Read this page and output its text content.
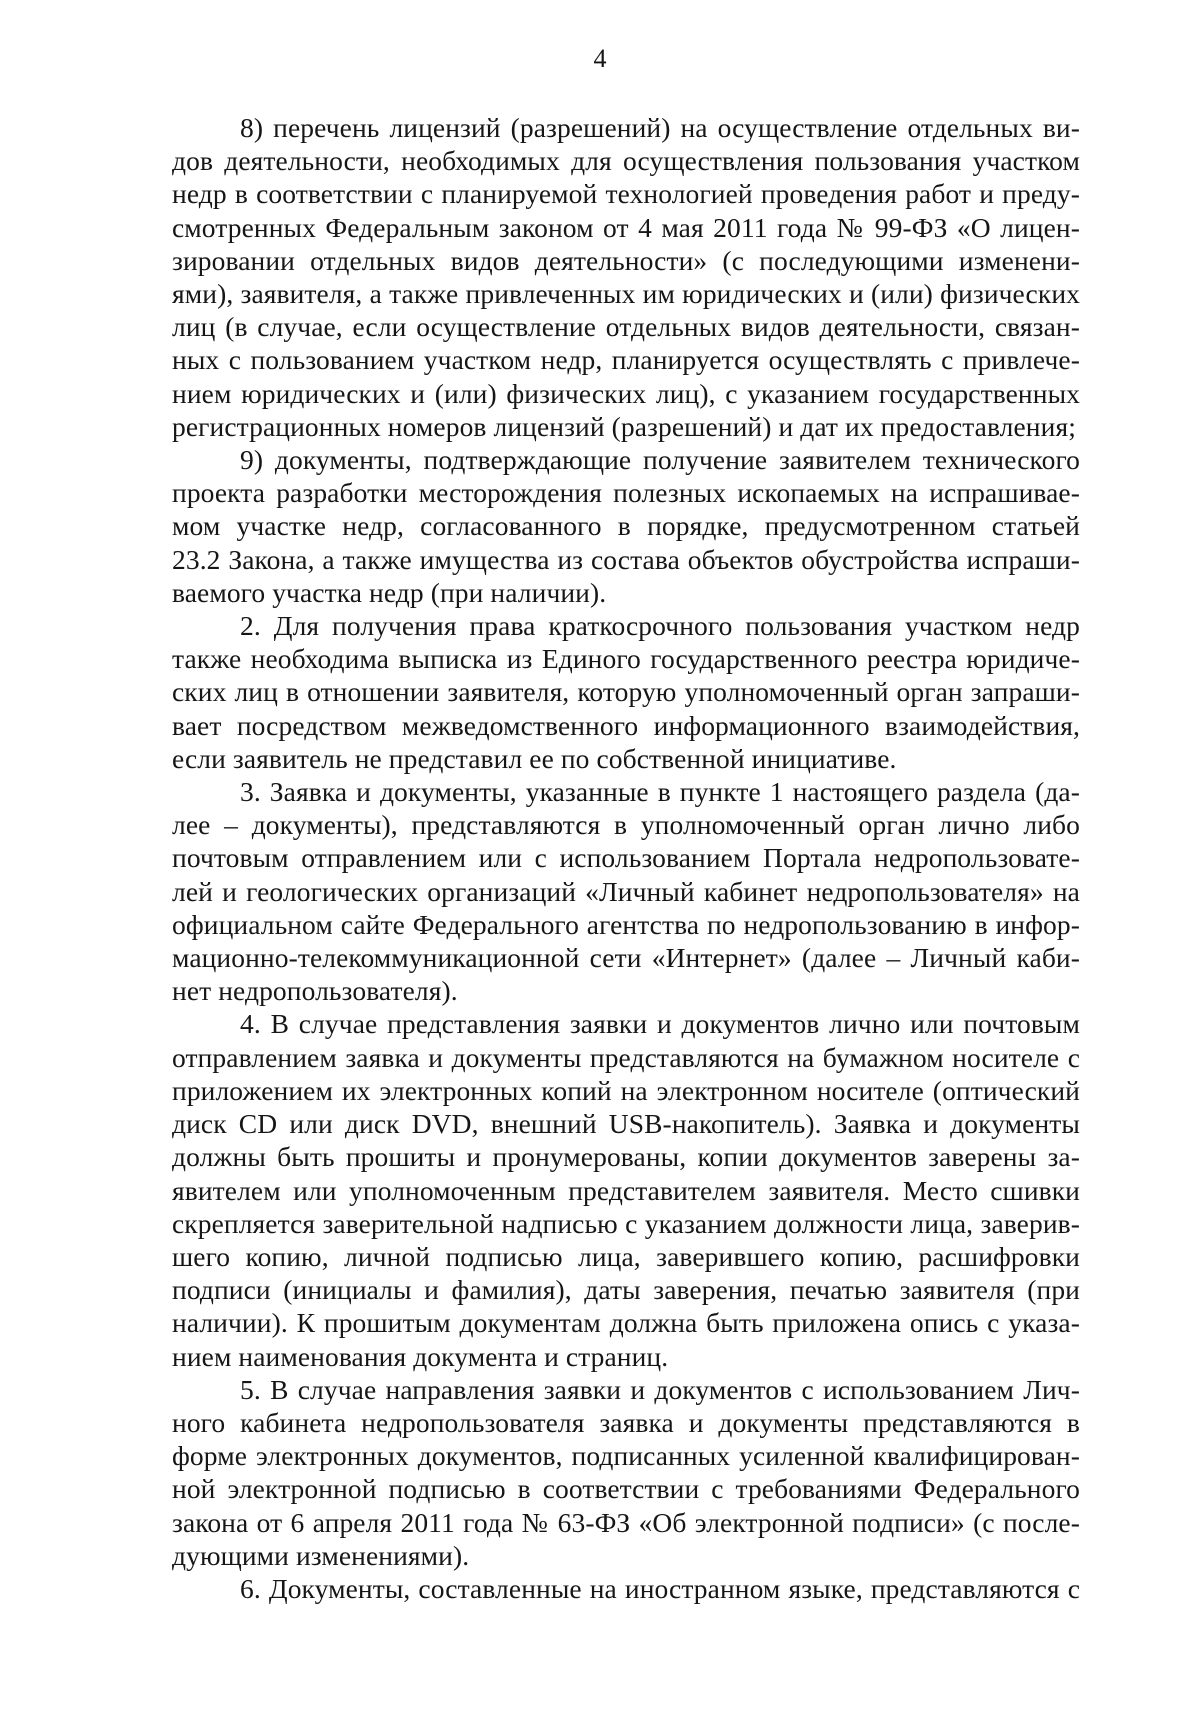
4
8) перечень лицензий (разрешений) на осуществление отдельных ви-
дов деятельности, необходимых для осуществления пользования участком
недр в соответствии с планируемой технологией проведения работ и преду-
смотренных Федеральным законом от 4 мая 2011 года № 99-ФЗ «О лицен-
зировании отдельных видов деятельности» (с последующими изменени-
ями), заявителя, а также привлеченных им юридических и (или) физических
лиц (в случае, если осуществление отдельных видов деятельности, связан-
ных с пользованием участком недр, планируется осуществлять с привлече-
нием юридических и (или) физических лиц), с указанием государственных
регистрационных номеров лицензий (разрешений) и дат их предоставления;
9) документы, подтверждающие получение заявителем технического
проекта разработки месторождения полезных ископаемых на испрашивае-
мом участке недр, согласованного в порядке, предусмотренном статьей
23.2 Закона, а также имущества из состава объектов обустройства испраши-
ваемого участка недр (при наличии).
2. Для получения права краткосрочного пользования участком недр
также необходима выписка из Единого государственного реестра юридиче-
ских лиц в отношении заявителя, которую уполномоченный орган запраши-
вает посредством межведомственного информационного взаимодействия,
если заявитель не представил ее по собственной инициативе.
3. Заявка и документы, указанные в пункте 1 настоящего раздела (да-
лее – документы), представляются в уполномоченный орган лично либо
почтовым отправлением или с использованием Портала недропользовате-
лей и геологических организаций «Личный кабинет недропользователя» на
официальном сайте Федерального агентства по недропользованию в инфор-
мационно-телекоммуникационной сети «Интернет» (далее – Личный каби-
нет недропользователя).
4. В случае представления заявки и документов лично или почтовым
отправлением заявка и документы представляются на бумажном носителе с
приложением их электронных копий на электронном носителе (оптический
диск CD или диск DVD, внешний USB-накопитель). Заявка и документы
должны быть прошиты и пронумерованы, копии документов заверены за-
явителем или уполномоченным представителем заявителя. Место сшивки
скрепляется заверительной надписью с указанием должности лица, заверив-
шего копию, личной подписью лица, заверившего копию, расшифровки
подписи (инициалы и фамилия), даты заверения, печатью заявителя (при
наличии). К прошитым документам должна быть приложена опись с указа-
нием наименования документа и страниц.
5. В случае направления заявки и документов с использованием Лич-
ного кабинета недропользователя заявка и документы представляются в
форме электронных документов, подписанных усиленной квалифицирован-
ной электронной подписью в соответствии с требованиями Федерального
закона от 6 апреля 2011 года № 63-ФЗ «Об электронной подписи» (с после-
дующими изменениями).
6. Документы, составленные на иностранном языке, представляются с
